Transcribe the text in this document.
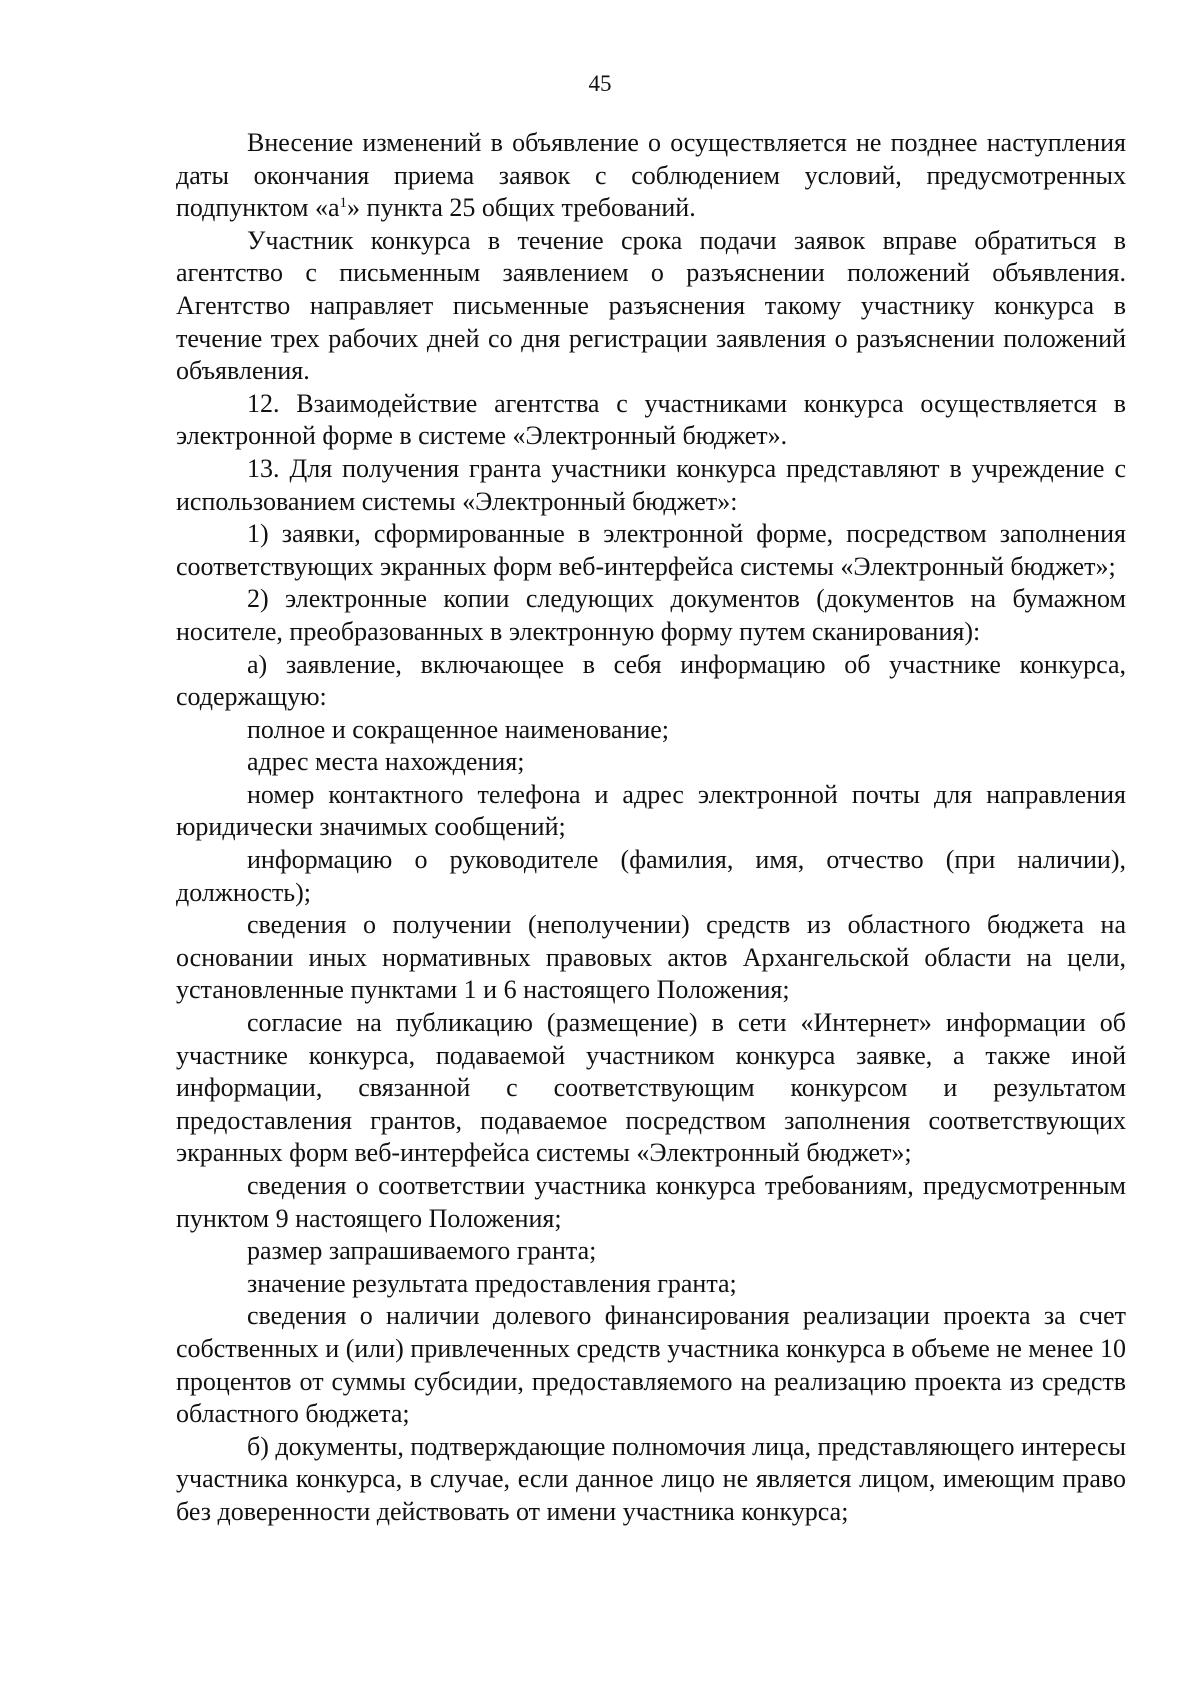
45

Внесение изменений в объявление о осуществляется не позднее наступления даты окончания приема заявок с соблюдением условий, предусмотренных подпунктом «$а^1$» пункта 25 общих требований.

Участник конкурса в течение срока подачи заявок вправе обратиться в агентство с письменным заявлением о разъяснении положений объявления. Агентство направляет письменные разъяснения такому участнику конкурса в течение трех рабочих дней со дня регистрации заявления о разъяснении положений объявления.

12. Взаимодействие агентства с участниками конкурса осуществляется в электронной форме в системе «Электронный бюджет».

13. Для получения гранта участники конкурса представляют в учреждение с использованием системы «Электронный бюджет»:

1) заявки, сформированные в электронной форме, посредством заполнения соответствующих экранных форм веб-интерфейса системы «Электронный бюджет»;

2) электронные копии следующих документов (документов на бумажном носителе, преобразованных в электронную форму путем сканирования):

а) заявление, включающее в себя информацию об участнике конкурса, содержащую:

полное и сокращенное наименование;

адрес места нахождения;

номер контактного телефона и адрес электронной почты для направления юридически значимых сообщений;

информацию о руководителе (фамилия, имя, отчество (при наличии), должность);

сведения о получении (неполучении) средств из областного бюджета на основании иных нормативных правовых актов Архангельской области на цели, установленные пунктами 1 и 6 настоящего Положения;

согласие на публикацию (размещение) в сети «Интернет» информации об участнике конкурса, подаваемой участником конкурса заявке, а также иной информации, связанной с соответствующим конкурсом и результатом предоставления грантов, подаваемое посредством заполнения соответствующих экранных форм веб-интерфейса системы «Электронный бюджет»;

сведения о соответствии участника конкурса требованиям, предусмотренным пунктом 9 настоящего Положения;

размер запрашиваемого гранта;

значение результата предоставления гранта;

сведения о наличии долевого финансирования реализации проекта за счет собственных и (или) привлеченных средств участника конкурса в объеме не менее 10 процентов от суммы субсидии, предоставляемого на реализацию проекта из средств областного бюджета;

б) документы, подтверждающие полномочия лица, представляющего интересы участника конкурса, в случае, если данное лицо не является лицом, имеющим право без доверенности действовать от имени участника конкурса;
